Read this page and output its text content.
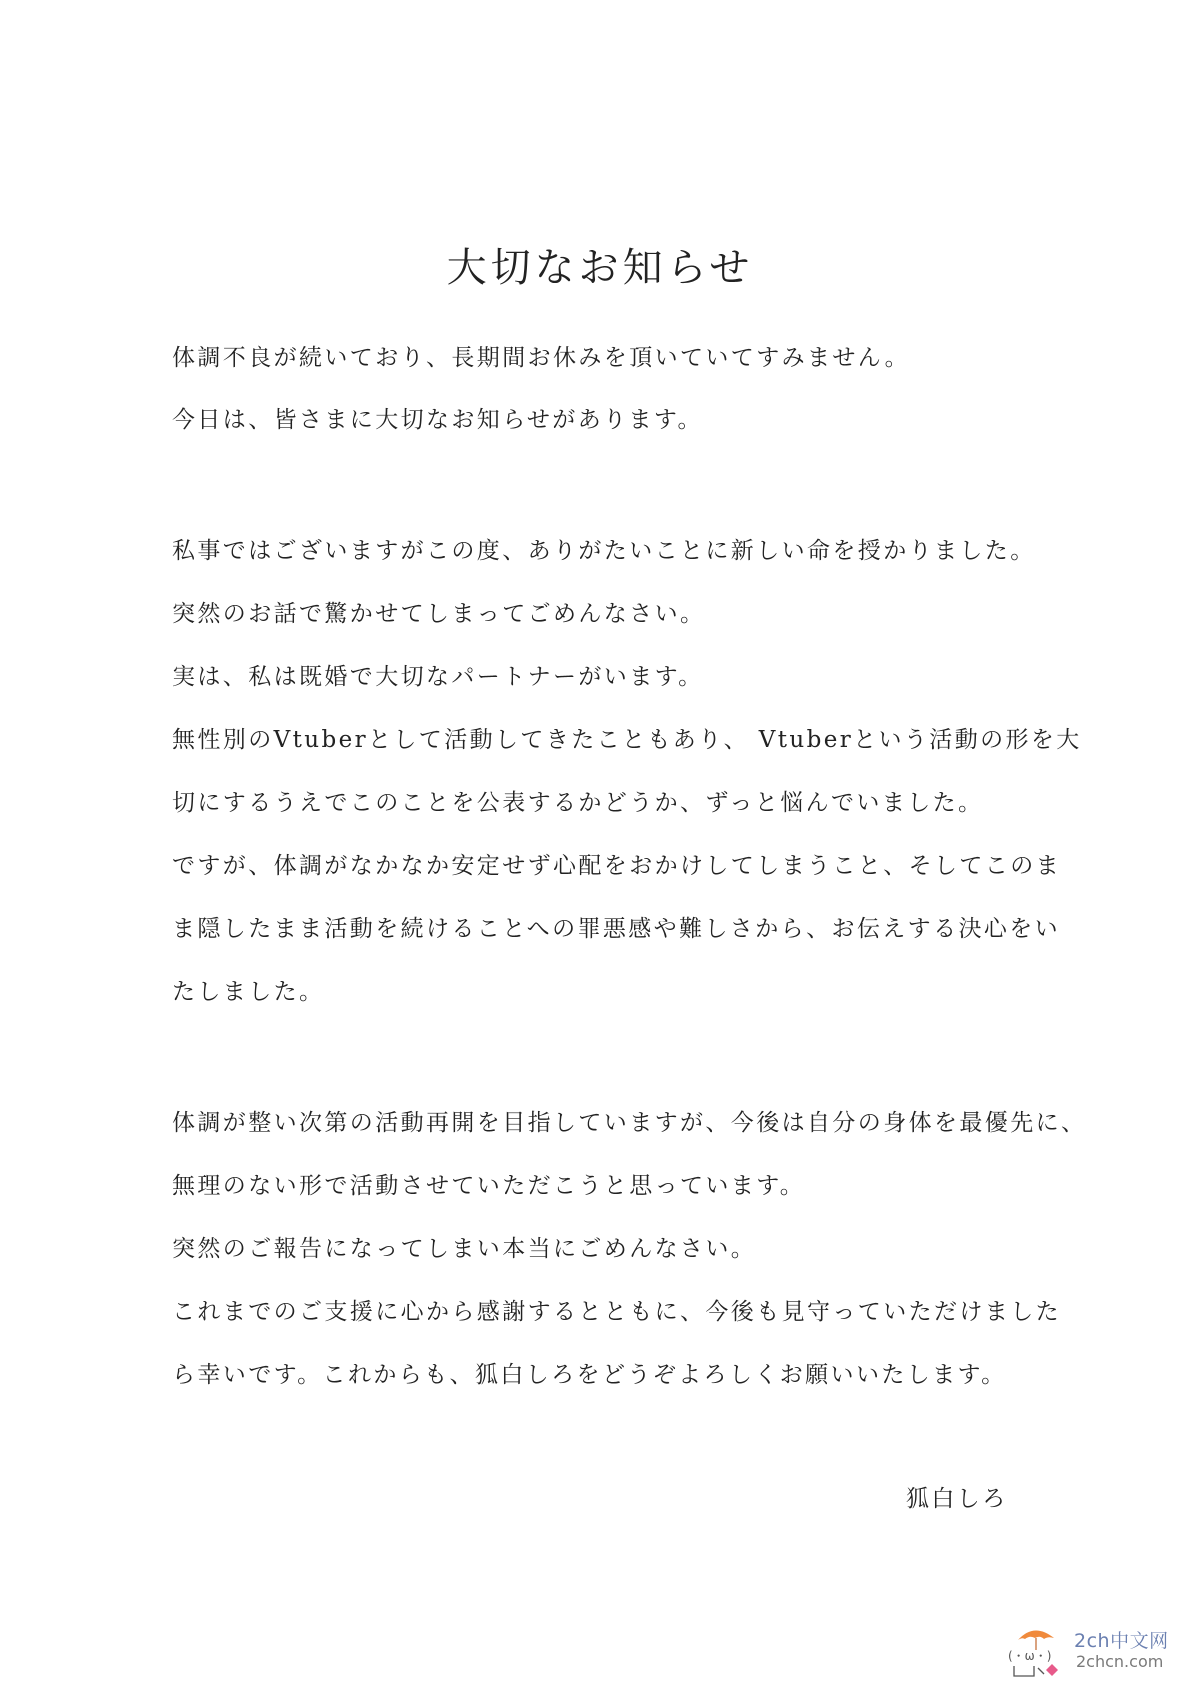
大切なお知らせ

体調不良が続いており、長期間お休みを頂いていてすみません。

今日は、皆さまに大切なお知らせがあります。

私事ではございますがこの度、ありがたいことに新しい命を授かりました。

突然のお話で驚かせてしまってごめんなさい。

実は、私は既婚で大切なパートナーがいます。

無性別のVtuberとして活動してきたこともあり、 Vtuberという活動の形を大

切にするうえでこのことを公表するかどうか、ずっと悩んでいました。

ですが、体調がなかなか安定せず心配をおかけしてしまうこと、そしてこのま

ま隠したまま活動を続けることへの罪悪感や難しさから、お伝えする決心をい

たしました。

体調が整い次第の活動再開を目指していますが、今後は自分の身体を最優先に、

無理のない形で活動させていただこうと思っています。

突然のご報告になってしまい本当にごめんなさい。

これまでのご支援に心から感謝するとともに、今後も見守っていただけました

ら幸いです。これからも、狐白しろをどうぞよろしくお願いいたします。

狐白しろ
(・ω・)
2ch中文网
2chcn.com
